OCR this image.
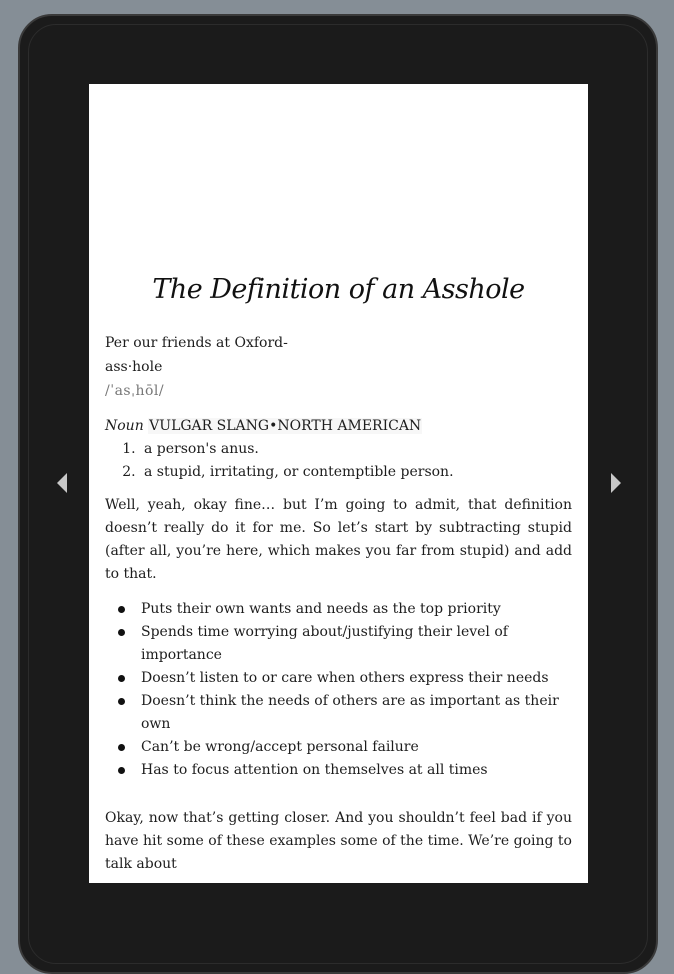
The Definition of an Asshole

Per our friends at Oxford-

ass·hole

/ˈasˌhōl/

Noun VULGAR SLANG•NORTH AMERICAN

1. a person's anus.
2. a stupid, irritating, or contemptible person.

Well, yeah, okay fine… but I’m going to admit, that definition doesn’t really do it for me. So let’s start by subtracting stupid (after all, you’re here, which makes you far from stupid) and add to that.

Puts their own wants and needs as the top priority
Spends time worrying about/justifying their level of importance
Doesn’t listen to or care when others express their needs
Doesn’t think the needs of others are as important as their own
Can’t be wrong/accept personal failure
Has to focus attention on themselves at all times

Okay, now that’s getting closer. And you shouldn’t feel bad if you have hit some of these examples some of the time. We’re going to talk about
